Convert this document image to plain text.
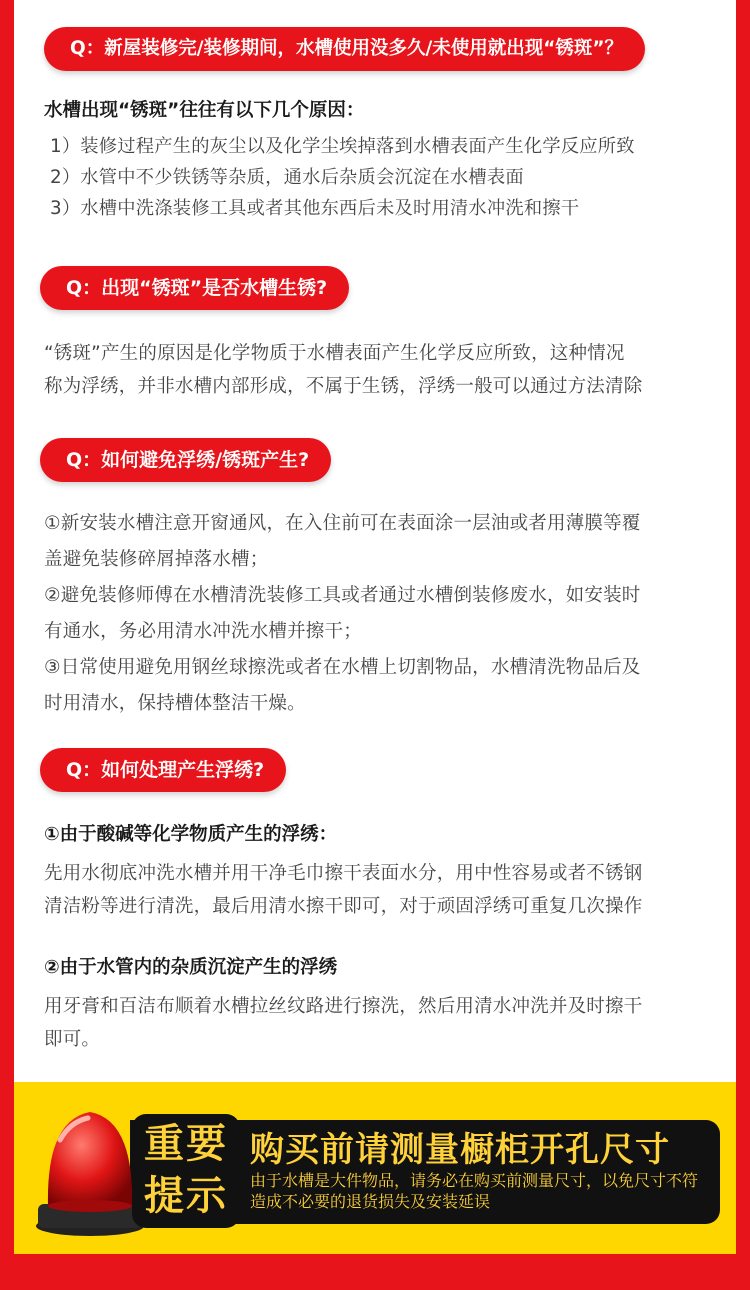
Q：新屋装修完/装修期间，水槽使用没多久/未使用就出现“锈斑”？
水槽出现“锈斑”往往有以下几个原因：
1）装修过程产生的灰尘以及化学尘埃掉落到水槽表面产生化学反应所致
2）水管中不少铁锈等杂质，通水后杂质会沉淀在水槽表面
3）水槽中洗涤装修工具或者其他东西后未及时用清水冲洗和擦干
Q：出现“锈斑”是否水槽生锈?
“锈斑”产生的原因是化学物质于水槽表面产生化学反应所致，这种情况
称为浮绣，并非水槽内部形成，不属于生锈，浮绣一般可以通过方法清除
Q：如何避免浮绣/锈斑产生?
①新安装水槽注意开窗通风，在入住前可在表面涂一层油或者用薄膜等覆
盖避免装修碎屑掉落水槽；
②避免装修师傅在水槽清洗装修工具或者通过水槽倒装修废水，如安装时
有通水，务必用清水冲洗水槽并擦干；
③日常使用避免用钢丝球擦洗或者在水槽上切割物品，水槽清洗物品后及
时用清水，保持槽体整洁干燥。
Q：如何处理产生浮绣?
①由于酸碱等化学物质产生的浮绣：
先用水彻底冲洗水槽并用干净毛巾擦干表面水分，用中性容易或者不锈钢
清洁粉等进行清洗，最后用清水擦干即可，对于顽固浮绣可重复几次操作
②由于水管内的杂质沉淀产生的浮绣
用牙膏和百洁布顺着水槽拉丝纹路进行擦洗，然后用清水冲洗并及时擦干
即可。
重要
提示
购买前请测量橱柜开孔尺寸
由于水槽是大件物品，请务必在购买前测量尺寸，以免尺寸不符造成不必要的退货损失及安装延误
